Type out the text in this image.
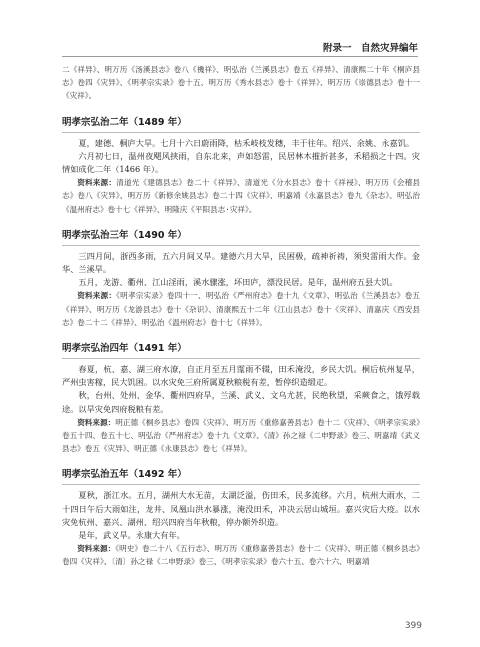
附录一　自然灾异编年

二《祥异》、明万历《汤溪县志》卷八《禨祥》、明弘治《兰溪县志》卷五《祥异》、清康熙二十年《桐庐县志》卷四《灾异》、《明孝宗实录》卷十五、明万历《秀水县志》卷十《祥异》、明万历《崇德县志》卷十一《灾祥》。

明孝宗弘治二年（1489 年）

夏，建德、桐庐大旱。七月十六日蔚雨降，枯禾岐枝发穗，丰于往年。绍兴、余姚、永嘉饥。

六月初七日，温州夜飓风挟雨，自东北来，声如怒雷，民居林木摧折甚多，禾稻损之十四。灾情如成化二年（1466 年）。

资料来源：清道光《建德县志》卷二十《祥异》、清道光《分水县志》卷十《祥祲》、明万历《会稽县志》卷八《灾异》、明万历《新修余姚县志》卷二十四《灾祥》、明嘉靖《永嘉县志》卷九《杂志》、明弘治《温州府志》卷十七《祥异》、明隆庆《平阳县志·灾祥》。

明孝宗弘治三年（1490 年）

三四月间，浙西多雨，五六月间又旱。建德六月大旱，民困极，疏神祈祷，须臾雷雨大作。金华、兰溪旱。

五月，龙游、衢州、江山淫雨，溪水骤涨，坏田庐，漂没民居。是年，温州府五县大饥。

资料来源：《明孝宗实录》卷四十一、明弘治《严州府志》卷十九《文章》、明弘治《兰溪县志》卷五《祥异》、明万历《龙游县志》卷十《杂识》、清康熙五十二年《江山县志》卷十《灾祥》、清嘉庆《西安县志》卷二十二《祥异》、明弘治《温州府志》卷十七《祥异》。

明孝宗弘治四年（1491 年）

春夏，杭、嘉、湖三府水潦，自正月至五月霪雨不辍，田禾淹没，乡民大饥。桐后杭州复旱，严州虫害稼，民大饥困。以水灾免三府所属夏秋粮税有差，暂停织造缎疋。

秋，台州、处州、金华、衢州四府旱，兰溪、武义、文乌尤甚，民绝秋望，采蕨食之，饿殍载途。以旱灾免四府税粮有差。

资料来源：明正德《桐乡县志》卷四《灾祥》、明万历《重修嘉善县志》卷十二《灾祥》、《明孝宗实录》卷五十四、卷五十七、明弘治《严州府志》卷十九《文章》、《清》孙之禄《二申野录》卷三、明嘉靖《武义县志》卷五《灾异》、明正德《永康县志》卷七《祥异》。

明孝宗弘治五年（1492 年）

夏秋，浙江水。五月，湖州大水无苗，太湖泛溢，伤田禾，民多流移。六月，杭州大雨水，二十四日午后大雨如注，龙井、凤凰山洪水暴涨，淹没田禾，冲决云居山城垣。嘉兴灾后大疫。以水灾免杭州、嘉兴、湖州、绍兴四府当年秋粮，停办额外织造。

是年，武义旱。永康大有年。

资料来源：《明史》卷二十八《五行志》、明万历《重修嘉善县志》卷十二《灾祥》、明正德《桐乡县志》卷四《灾祥》、〔清〕孙之禄《二申野录》卷三、《明孝宗实录》卷六十五、卷六十六、明嘉靖

399
